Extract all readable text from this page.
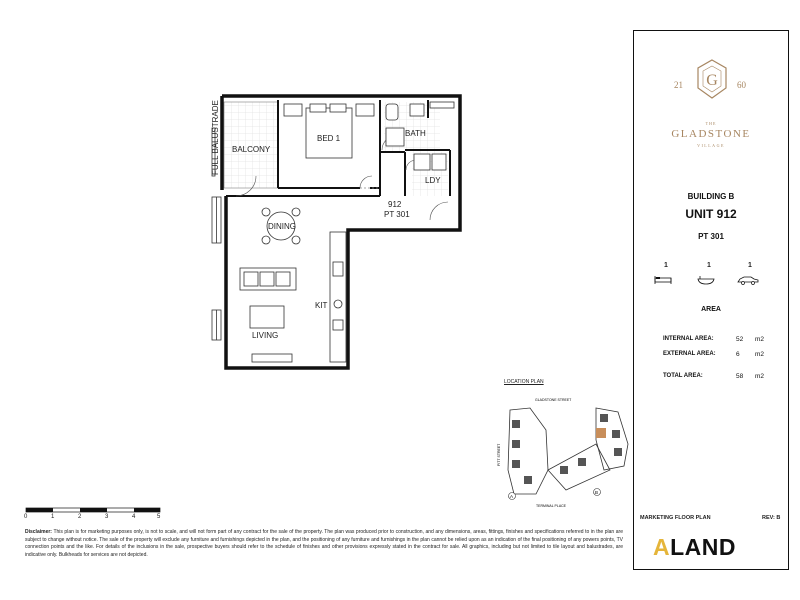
BALCONY
BED 1
BATH
LDY
DINING
KIT
LIVING
912
PT 301
FULL BALUSTRADE
A
B
GLADSTONE STREET
PITT STREET
TERMINAL PLACE
LOCATION PLAN
0	1	2	3	4	5
G
21	60
THE
GLADSTONE
VILLAGE
BUILDING B
UNIT 912
PT 301
1	1	1
AREA
INTERNAL AREA:	52 m2
EXTERNAL AREA:	6 m2
TOTAL AREA:	58 m2
MARKETING FLOOR PLAN	REV: B
ALAND
Disclaimer: This plan is for marketing purposes only, is not to scale, and will not form part of any contract for the sale of the property. The plan was produced prior to construction, and any dimensions, areas, fittings, finishes and specifications referred to in the plan are subject to change without notice. The sale of the property will exclude any furniture and furnishings depicted in the plan, and the positioning of any furniture and furnishings in the plan cannot be relied upon as an indication of the final positioning of any powers points, TV connection points and the like. For details of the inclusions in the sale, prospective buyers should refer to the schedule of finishes and other provisions expressly stated in the contract for sale. All graphics, including but not limited to tile layout and balustrades, are indicative only. Bulkheads for services are not depicted.
